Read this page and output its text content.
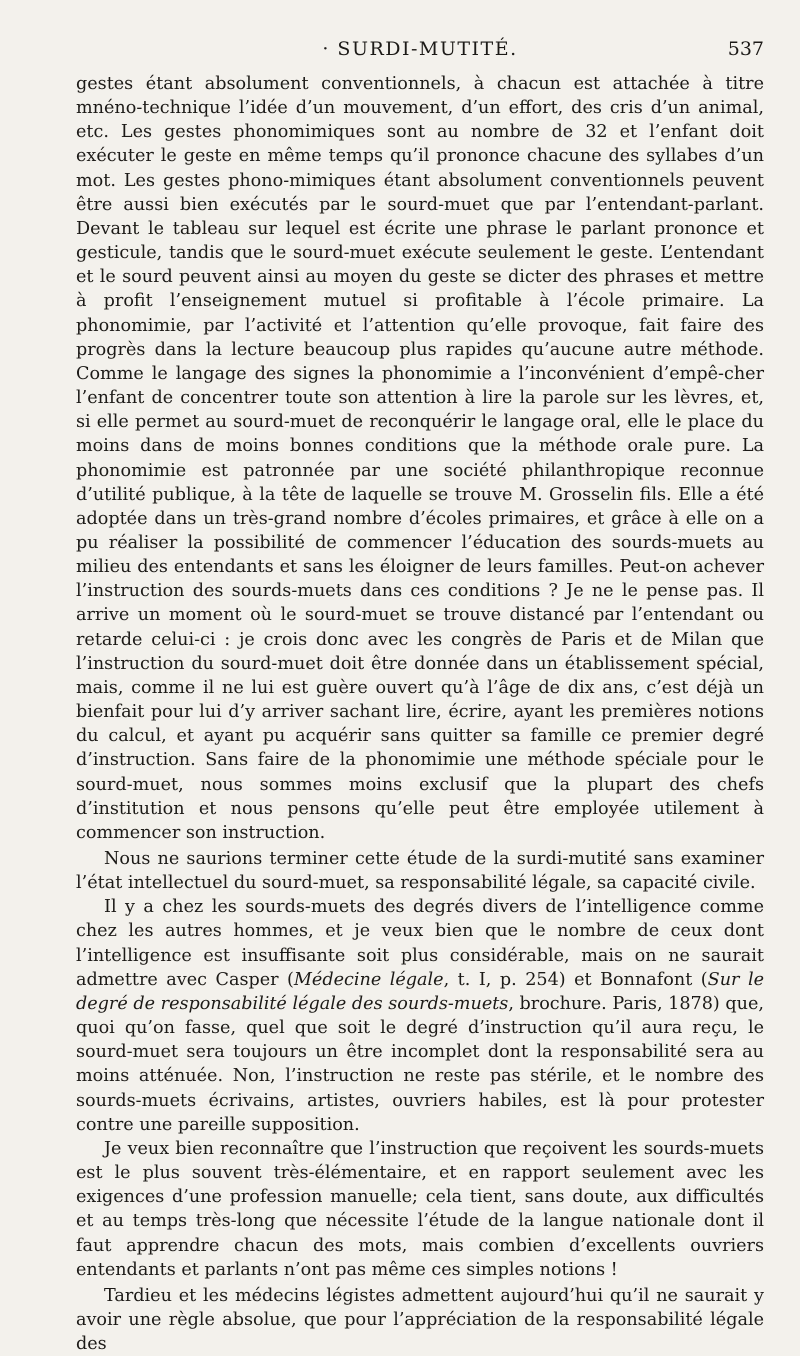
· SURDI-MUTITÉ.	537

gestes étant absolument conventionnels, à chacun est attachée à titre mnéno-technique l’idée d’un mouvement, d’un effort, des cris d’un animal, etc. Les gestes phonomimiques sont au nombre de 32 et l’enfant doit exécuter le geste en même temps qu’il prononce chacune des syllabes d’un mot. Les gestes phono-mimiques étant absolument conventionnels peuvent être aussi bien exécutés par le sourd-muet que par l’entendant-parlant. Devant le tableau sur lequel est écrite une phrase le parlant prononce et gesticule, tandis que le sourd-muet exécute seulement le geste. L’entendant et le sourd peuvent ainsi au moyen du geste se dicter des phrases et mettre à profit l’enseignement mutuel si profitable à l’école primaire. La phonomimie, par l’activité et l’attention qu’elle provoque, fait faire des progrès dans la lecture beaucoup plus rapides qu’aucune autre méthode. Comme le langage des signes la phonomimie a l’inconvénient d’empê-cher l’enfant de concentrer toute son attention à lire la parole sur les lèvres, et, si elle permet au sourd-muet de reconquérir le langage oral, elle le place du moins dans de moins bonnes conditions que la méthode orale pure. La phonomimie est patronnée par une société philanthropique reconnue d’utilité publique, à la tête de laquelle se trouve M. Grosselin fils. Elle a été adoptée dans un très-grand nombre d’écoles primaires, et grâce à elle on a pu réaliser la possibilité de commencer l’éducation des sourds-muets au milieu des entendants et sans les éloigner de leurs familles. Peut-on achever l’instruction des sourds-muets dans ces conditions ? Je ne le pense pas. Il arrive un moment où le sourd-muet se trouve distancé par l’entendant ou retarde celui-ci : je crois donc avec les congrès de Paris et de Milan que l’instruction du sourd-muet doit être donnée dans un établissement spécial, mais, comme il ne lui est guère ouvert qu’à l’âge de dix ans, c’est déjà un bienfait pour lui d’y arriver sachant lire, écrire, ayant les premières notions du calcul, et ayant pu acquérir sans quitter sa famille ce premier degré d’instruction. Sans faire de la phonomimie une méthode spéciale pour le sourd-muet, nous sommes moins exclusif que la plupart des chefs d’institution et nous pensons qu’elle peut être employée utilement à commencer son instruction.

Nous ne saurions terminer cette étude de la surdi-mutité sans examiner l’état intellectuel du sourd-muet, sa responsabilité légale, sa capacité civile.

Il y a chez les sourds-muets des degrés divers de l’intelligence comme chez les autres hommes, et je veux bien que le nombre de ceux dont l’intelligence est insuffisante soit plus considérable, mais on ne saurait admettre avec Casper (Médecine légale, t. I, p. 254) et Bonnafont (Sur le degré de responsabilité légale des sourds-muets, brochure. Paris, 1878) que, quoi qu’on fasse, quel que soit le degré d’instruction qu’il aura reçu, le sourd-muet sera toujours un être incomplet dont la responsabilité sera au moins atténuée. Non, l’instruction ne reste pas stérile, et le nombre des sourds-muets écrivains, artistes, ouvriers habiles, est là pour protester contre une pareille supposition.

Je veux bien reconnaître que l’instruction que reçoivent les sourds-muets est le plus souvent très-élémentaire, et en rapport seulement avec les exigences d’une profession manuelle; cela tient, sans doute, aux difficultés et au temps très-long que nécessite l’étude de la langue nationale dont il faut apprendre chacun des mots, mais combien d’excellents ouvriers entendants et parlants n’ont pas même ces simples notions !

Tardieu et les médecins légistes admettent aujourd’hui qu’il ne saurait y avoir une règle absolue, que pour l’appréciation de la responsabilité légale des
